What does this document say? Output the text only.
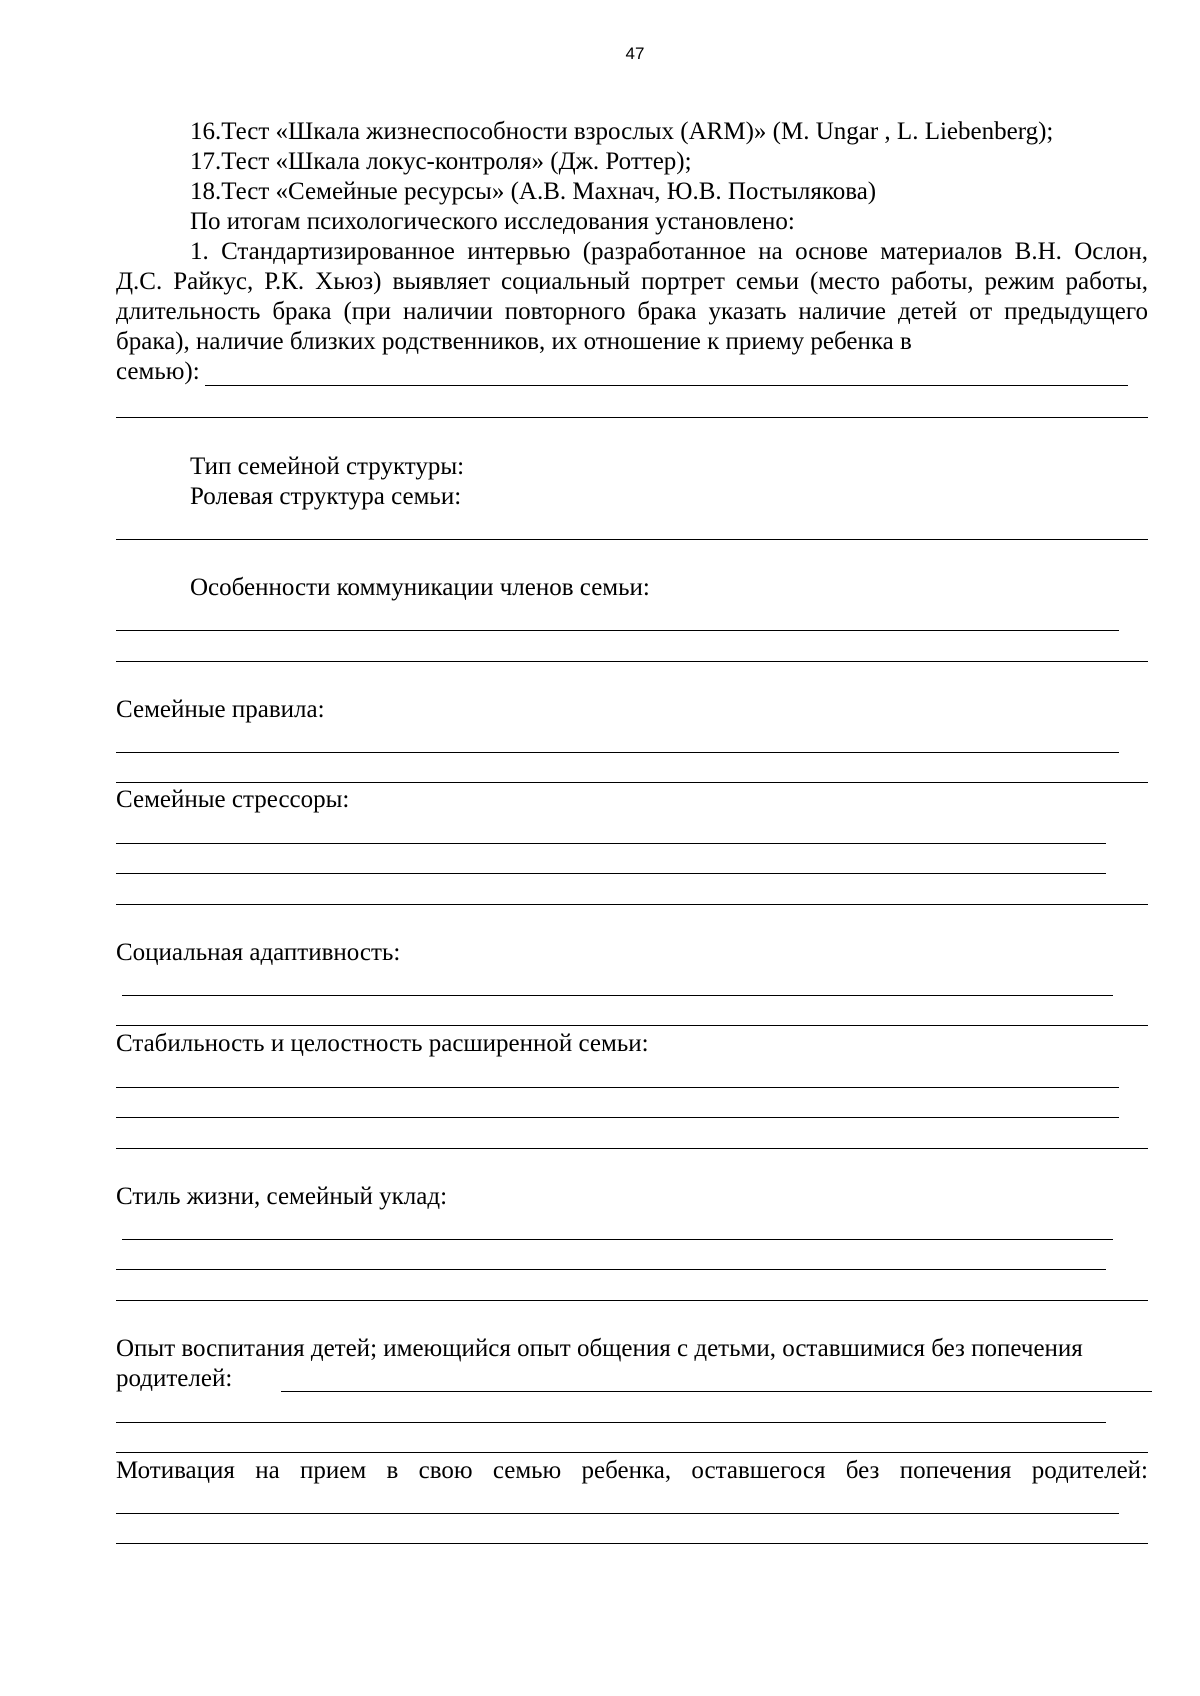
47
16.Тест «Шкала жизнеспособности взрослых (ARM)» (M. Ungar , L. Liebenberg);
17.Тест «Шкала локус-контроля» (Дж. Роттер);
18.Тест «Семейные ресурсы» (А.В. Махнач, Ю.В. Постылякова)
По итогам психологического исследования установлено:
1. Стандартизированное интервью (разработанное на основе материалов В.Н. Ослон, Д.С. Райкус, Р.К. Хьюз) выявляет социальный портрет семьи (место работы, режим работы, длительность брака (при наличии повторного брака указать наличие детей от предыдущего брака), наличие близких родственников, их отношение к приему ребенка в
семью):
Тип семейной структуры:
Ролевая структура семьи:
Особенности коммуникации членов семьи:
Семейные правила:
Семейные стрессоры:
Социальная адаптивность:
Стабильность и целостность расширенной семьи:
Стиль жизни, семейный уклад:
Опыт воспитания детей; имеющийся опыт общения с детьми, оставшимися без попечения
родителей:
Мотивация на прием в свою семью ребенка, оставшегося без попечения родителей:
